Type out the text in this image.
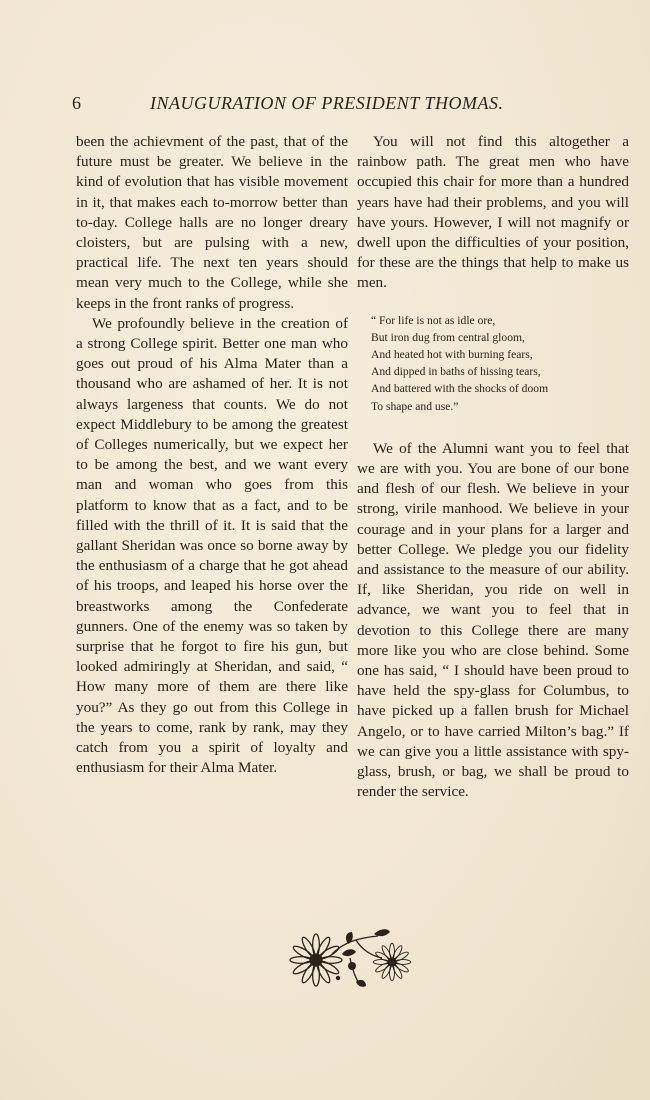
6	INAUGURATION OF PRESIDENT THOMAS.

been the achievment of the past, that of the future must be greater. We believe in the kind of evolution that has visible movement in it, that makes each to-morrow better than to-day. College halls are no longer dreary cloisters, but are pulsing with a new, practical life. The next ten years should mean very much to the College, while she keeps in the front ranks of progress.

We profoundly believe in the creation of a strong College spirit. Better one man who goes out proud of his Alma Mater than a thousand who are ashamed of her. It is not always largeness that counts. We do not expect Middlebury to be among the greatest of Colleges numerically, but we expect her to be among the best, and we want every man and woman who goes from this platform to know that as a fact, and to be filled with the thrill of it. It is said that the gallant Sheridan was once so borne away by the enthusiasm of a charge that he got ahead of his troops, and leaped his horse over the breastworks among the Confederate gunners. One of the enemy was so taken by surprise that he forgot to fire his gun, but looked admiringly at Sheridan, and said, “ How many more of them are there like you?” As they go out from this College in the years to come, rank by rank, may they catch from you a spirit of loyalty and enthusiasm for their Alma Mater.

You will not find this altogether a rainbow path. The great men who have occupied this chair for more than a hundred years have had their problems, and you will have yours. However, I will not magnify or dwell upon the difficulties of your position, for these are the things that help to make us men.

“ For life is not as idle ore,
But iron dug from central gloom,
And heated hot with burning fears,
And dipped in baths of hissing tears,
And battered with the shocks of doom
To shape and use.”

We of the Alumni want you to feel that we are with you. You are bone of our bone and flesh of our flesh. We believe in your strong, virile manhood. We believe in your courage and in your plans for a larger and better College. We pledge you our fidelity and assistance to the measure of our ability. If, like Sheridan, you ride on well in advance, we want you to feel that in devotion to this College there are many more like you who are close behind. Some one has said, “ I should have been proud to have held the spy-glass for Columbus, to have picked up a fallen brush for Michael Angelo, or to have carried Milton’s bag.” If we can give you a little assistance with spy-glass, brush, or bag, we shall be proud to render the service.
